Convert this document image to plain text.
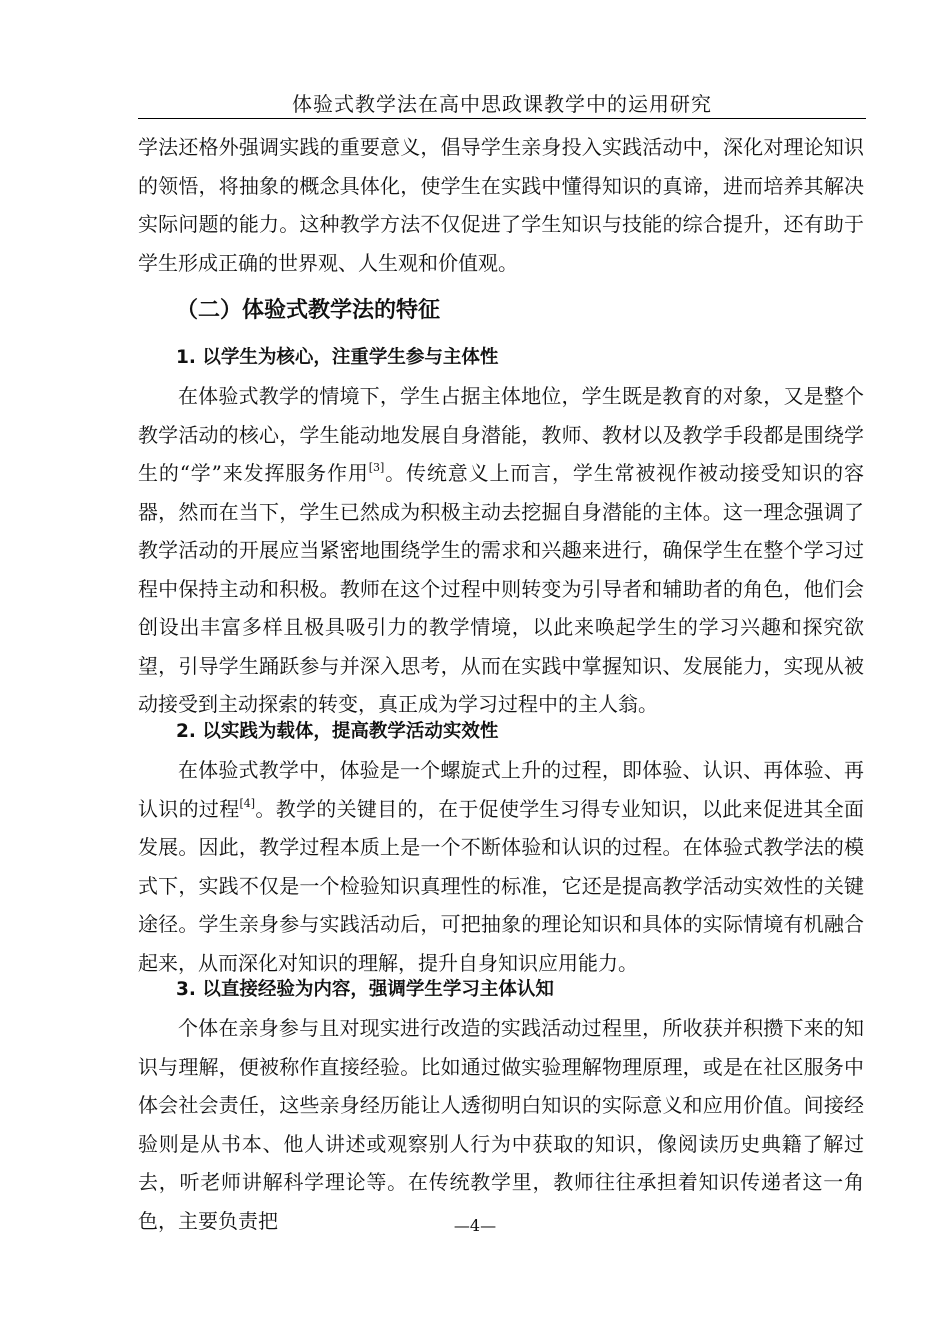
体验式教学法在高中思政课教学中的运用研究

学法还格外强调实践的重要意义，倡导学生亲身投入实践活动中，深化对理论知识的领悟，将抽象的概念具体化，使学生在实践中懂得知识的真谛，进而培养其解决实际问题的能力。这种教学方法不仅促进了学生知识与技能的综合提升，还有助于学生形成正确的世界观、人生观和价值观。

（二）体验式教学法的特征
1. 以学生为核心，注重学生参与主体性

在体验式教学的情境下，学生占据主体地位，学生既是教育的对象，又是整个教学活动的核心，学生能动地发展自身潜能，教师、教材以及教学手段都是围绕学生的“学”来发挥服务作用[3]。传统意义上而言，学生常被视作被动接受知识的容器，然而在当下，学生已然成为积极主动去挖掘自身潜能的主体。这一理念强调了教学活动的开展应当紧密地围绕学生的需求和兴趣来进行，确保学生在整个学习过程中保持主动和积极。教师在这个过程中则转变为引导者和辅助者的角色，他们会创设出丰富多样且极具吸引力的教学情境，以此来唤起学生的学习兴趣和探究欲望，引导学生踊跃参与并深入思考，从而在实践中掌握知识、发展能力，实现从被动接受到主动探索的转变，真正成为学习过程中的主人翁。

2. 以实践为载体，提高教学活动实效性

在体验式教学中，体验是一个螺旋式上升的过程，即体验、认识、再体验、再认识的过程[4]。教学的关键目的，在于促使学生习得专业知识，以此来促进其全面发展。因此，教学过程本质上是一个不断体验和认识的过程。在体验式教学法的模式下，实践不仅是一个检验知识真理性的标准，它还是提高教学活动实效性的关键途径。学生亲身参与实践活动后，可把抽象的理论知识和具体的实际情境有机融合起来，从而深化对知识的理解，提升自身知识应用能力。

3. 以直接经验为内容，强调学生学习主体认知

个体在亲身参与且对现实进行改造的实践活动过程里，所收获并积攒下来的知识与理解，便被称作直接经验。比如通过做实验理解物理原理，或是在社区服务中体会社会责任，这些亲身经历能让人透彻明白知识的实际意义和应用价值。间接经验则是从书本、他人讲述或观察别人行为中获取的知识，像阅读历史典籍了解过去，听老师讲解科学理论等。在传统教学里，教师往往承担着知识传递者这一角色，主要负责把	—4—
